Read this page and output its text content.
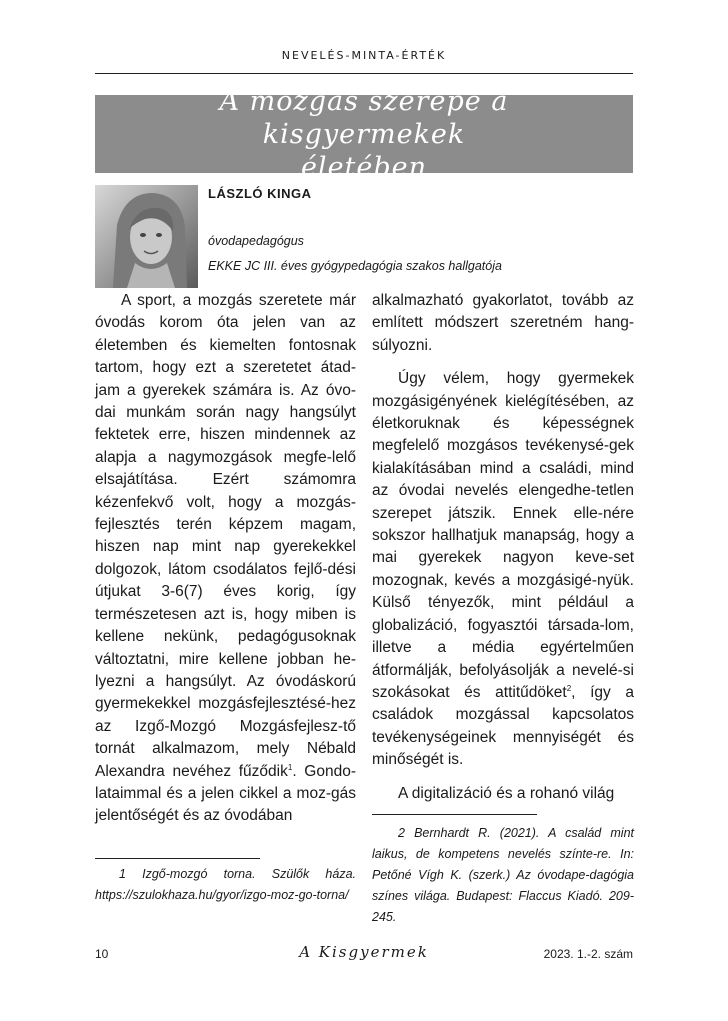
NEVELÉS-MINTA-ÉRTÉK
A mozgás szerepe a kisgyermekek
életében
LÁSZLÓ KINGA
óvodapedagógus
EKKE JC III. éves gyógypedagógia szakos hallgatója

A sport, a mozgás szeretete már óvodás korom óta jelen van az életemben és kiemelten fontosnak tartom, hogy ezt a szeretetet átad-jam a gyerekek számára is. Az óvo-dai munkám során nagy hangsúlyt fektetek erre, hiszen mindennek az alapja a nagymozgások megfe-lelő elsajátítása. Ezért számomra kézenfekvő volt, hogy a mozgás-fejlesztés terén képzem magam, hiszen nap mint nap gyerekekkel dolgozok, látom csodálatos fejlő-dési útjukat 3-6(7) éves korig, így természetesen azt is, hogy miben is kellene nekünk, pedagógusoknak változtatni, mire kellene jobban he-lyezni a hangsúlyt. Az óvodáskorú gyermekekkel mozgásfejlesztésé-hez az Izgő-Mozgó Mozgásfejlesz-tő tornát alkalmazom, mely Nébald Alexandra nevéhez fűződik$^1$. Gondo-lataimmal és a jelen cikkel a moz-gás jelentőségét és az óvodában

alkalmazható gyakorlatot, tovább az említett módszert szeretném hang-súlyozni.

Úgy vélem, hogy gyermekek mozgásigényének kielégítésében, az életkoruknak és képességnek megfelelő mozgásos tevékenysé-gek kialakításában mind a családi, mind az óvodai nevelés elengedhe-tetlen szerepet játszik. Ennek elle-nére sokszor hallhatjuk manapság, hogy a mai gyerekek nagyon keve-set mozognak, kevés a mozgásigé-nyük. Külső tényezők, mint például a globalizáció, fogyasztói társada-lom, illetve a média egyértelműen átformálják, befolyásolják a nevelé-si szokásokat és attitűdöket$^2$, így a családok mozgással kapcsolatos tevékenységeinek mennyiségét és minőségét is.

A digitalizáció és a rohanó világ

1 Izgő-mozgó torna. Szülők háza. https://szulokhaza.hu/gyor/izgo-moz-go-torna/
2 Bernhardt R. (2021). A család mint laikus, de kompetens nevelés színte-re. In: Petőné Vígh K. (szerk.) Az óvodape-dagógia színes világa. Budapest: Flaccus Kiadó. 209-245.
10	A Kisgyermek	2023. 1.-2. szám
